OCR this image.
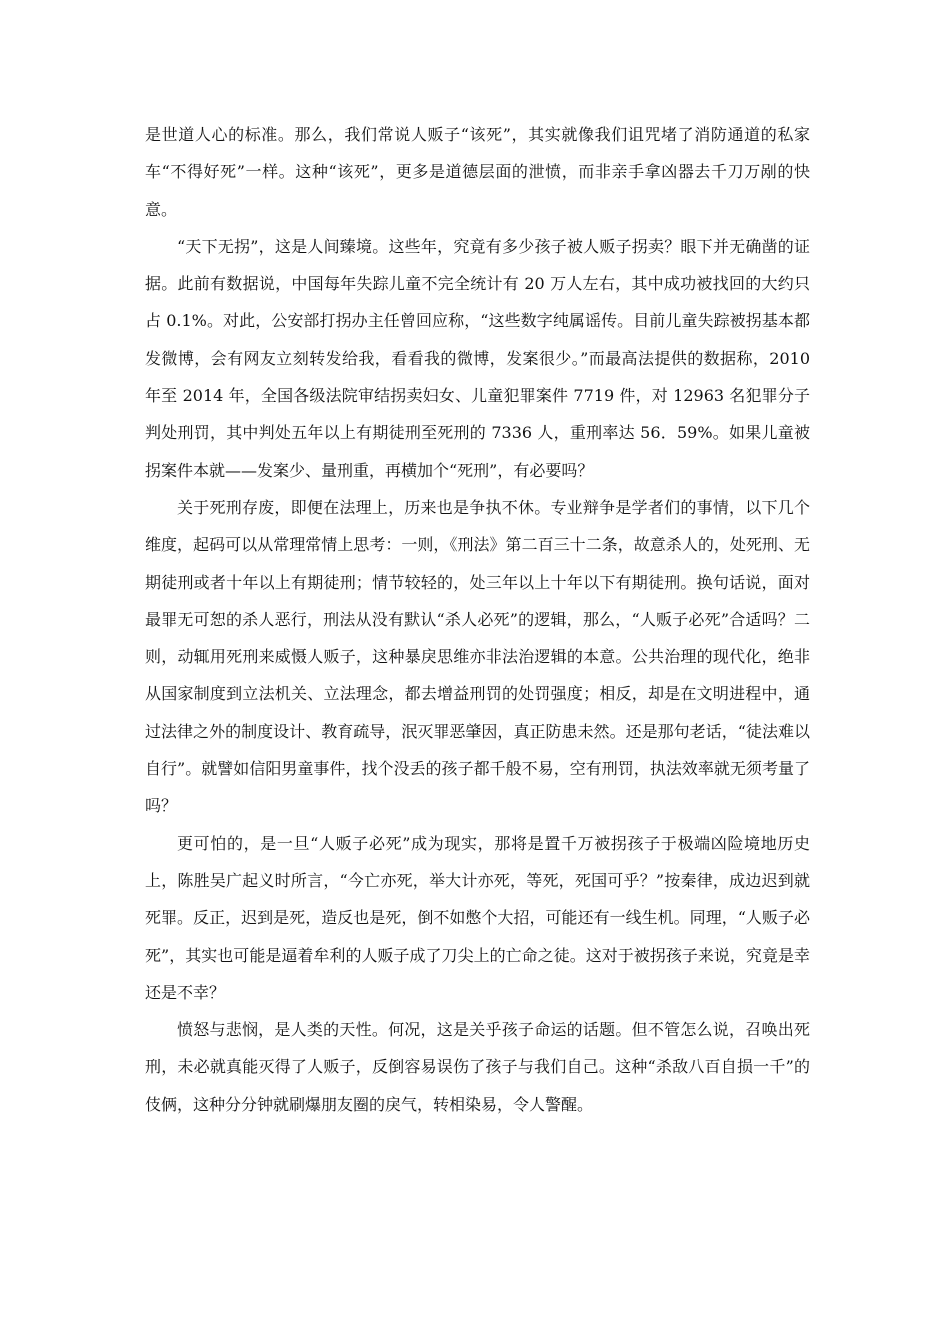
是世道人心的标准。那么，我们常说人贩子“该死”，其实就像我们诅咒堵了消防通道的私家车“不得好死”一样。这种“该死”，更多是道德层面的泄愤，而非亲手拿凶器去千刀万剐的快意。

“天下无拐”，这是人间臻境。这些年，究竟有多少孩子被人贩子拐卖？眼下并无确凿的证据。此前有数据说，中国每年失踪儿童不完全统计有 20 万人左右，其中成功被找回的大约只占 0.1%。对此，公安部打拐办主任曾回应称，“这些数字纯属谣传。目前儿童失踪被拐基本都发微博，会有网友立刻转发给我，看看我的微博，发案很少。”而最高法提供的数据称，2010 年至 2014 年，全国各级法院审结拐卖妇女、儿童犯罪案件 7719 件，对 12963 名犯罪分子判处刑罚，其中判处五年以上有期徒刑至死刑的 7336 人，重刑率达 56．59%。如果儿童被拐案件本就——发案少、量刑重，再横加个“死刑”，有必要吗？

关于死刑存废，即便在法理上，历来也是争执不休。专业辩争是学者们的事情，以下几个维度，起码可以从常理常情上思考：一则，《刑法》第二百三十二条，故意杀人的，处死刑、无期徒刑或者十年以上有期徒刑；情节较轻的，处三年以上十年以下有期徒刑。换句话说，面对最罪无可恕的杀人恶行，刑法从没有默认“杀人必死”的逻辑，那么，“人贩子必死”合适吗？二则，动辄用死刑来威慑人贩子，这种暴戾思维亦非法治逻辑的本意。公共治理的现代化，绝非从国家制度到立法机关、立法理念，都去增益刑罚的处罚强度；相反，却是在文明进程中，通过法律之外的制度设计、教育疏导，泯灭罪恶肇因，真正防患未然。还是那句老话，“徒法难以自行”。就譬如信阳男童事件，找个没丢的孩子都千般不易，空有刑罚，执法效率就无须考量了吗？

更可怕的，是一旦“人贩子必死”成为现实，那将是置千万被拐孩子于极端凶险境地历史上，陈胜吴广起义时所言，“今亡亦死，举大计亦死，等死，死国可乎？”按秦律，成边迟到就死罪。反正，迟到是死，造反也是死，倒不如憋个大招，可能还有一线生机。同理，“人贩子必死”，其实也可能是逼着牟利的人贩子成了刀尖上的亡命之徒。这对于被拐孩子来说，究竟是幸还是不幸？

愤怒与悲悯，是人类的天性。何况，这是关乎孩子命运的话题。但不管怎么说，召唤出死刑，未必就真能灭得了人贩子，反倒容易误伤了孩子与我们自己。这种“杀敌八百自损一千”的伎俩，这种分分钟就刷爆朋友圈的戾气，转相染易，令人警醒。
